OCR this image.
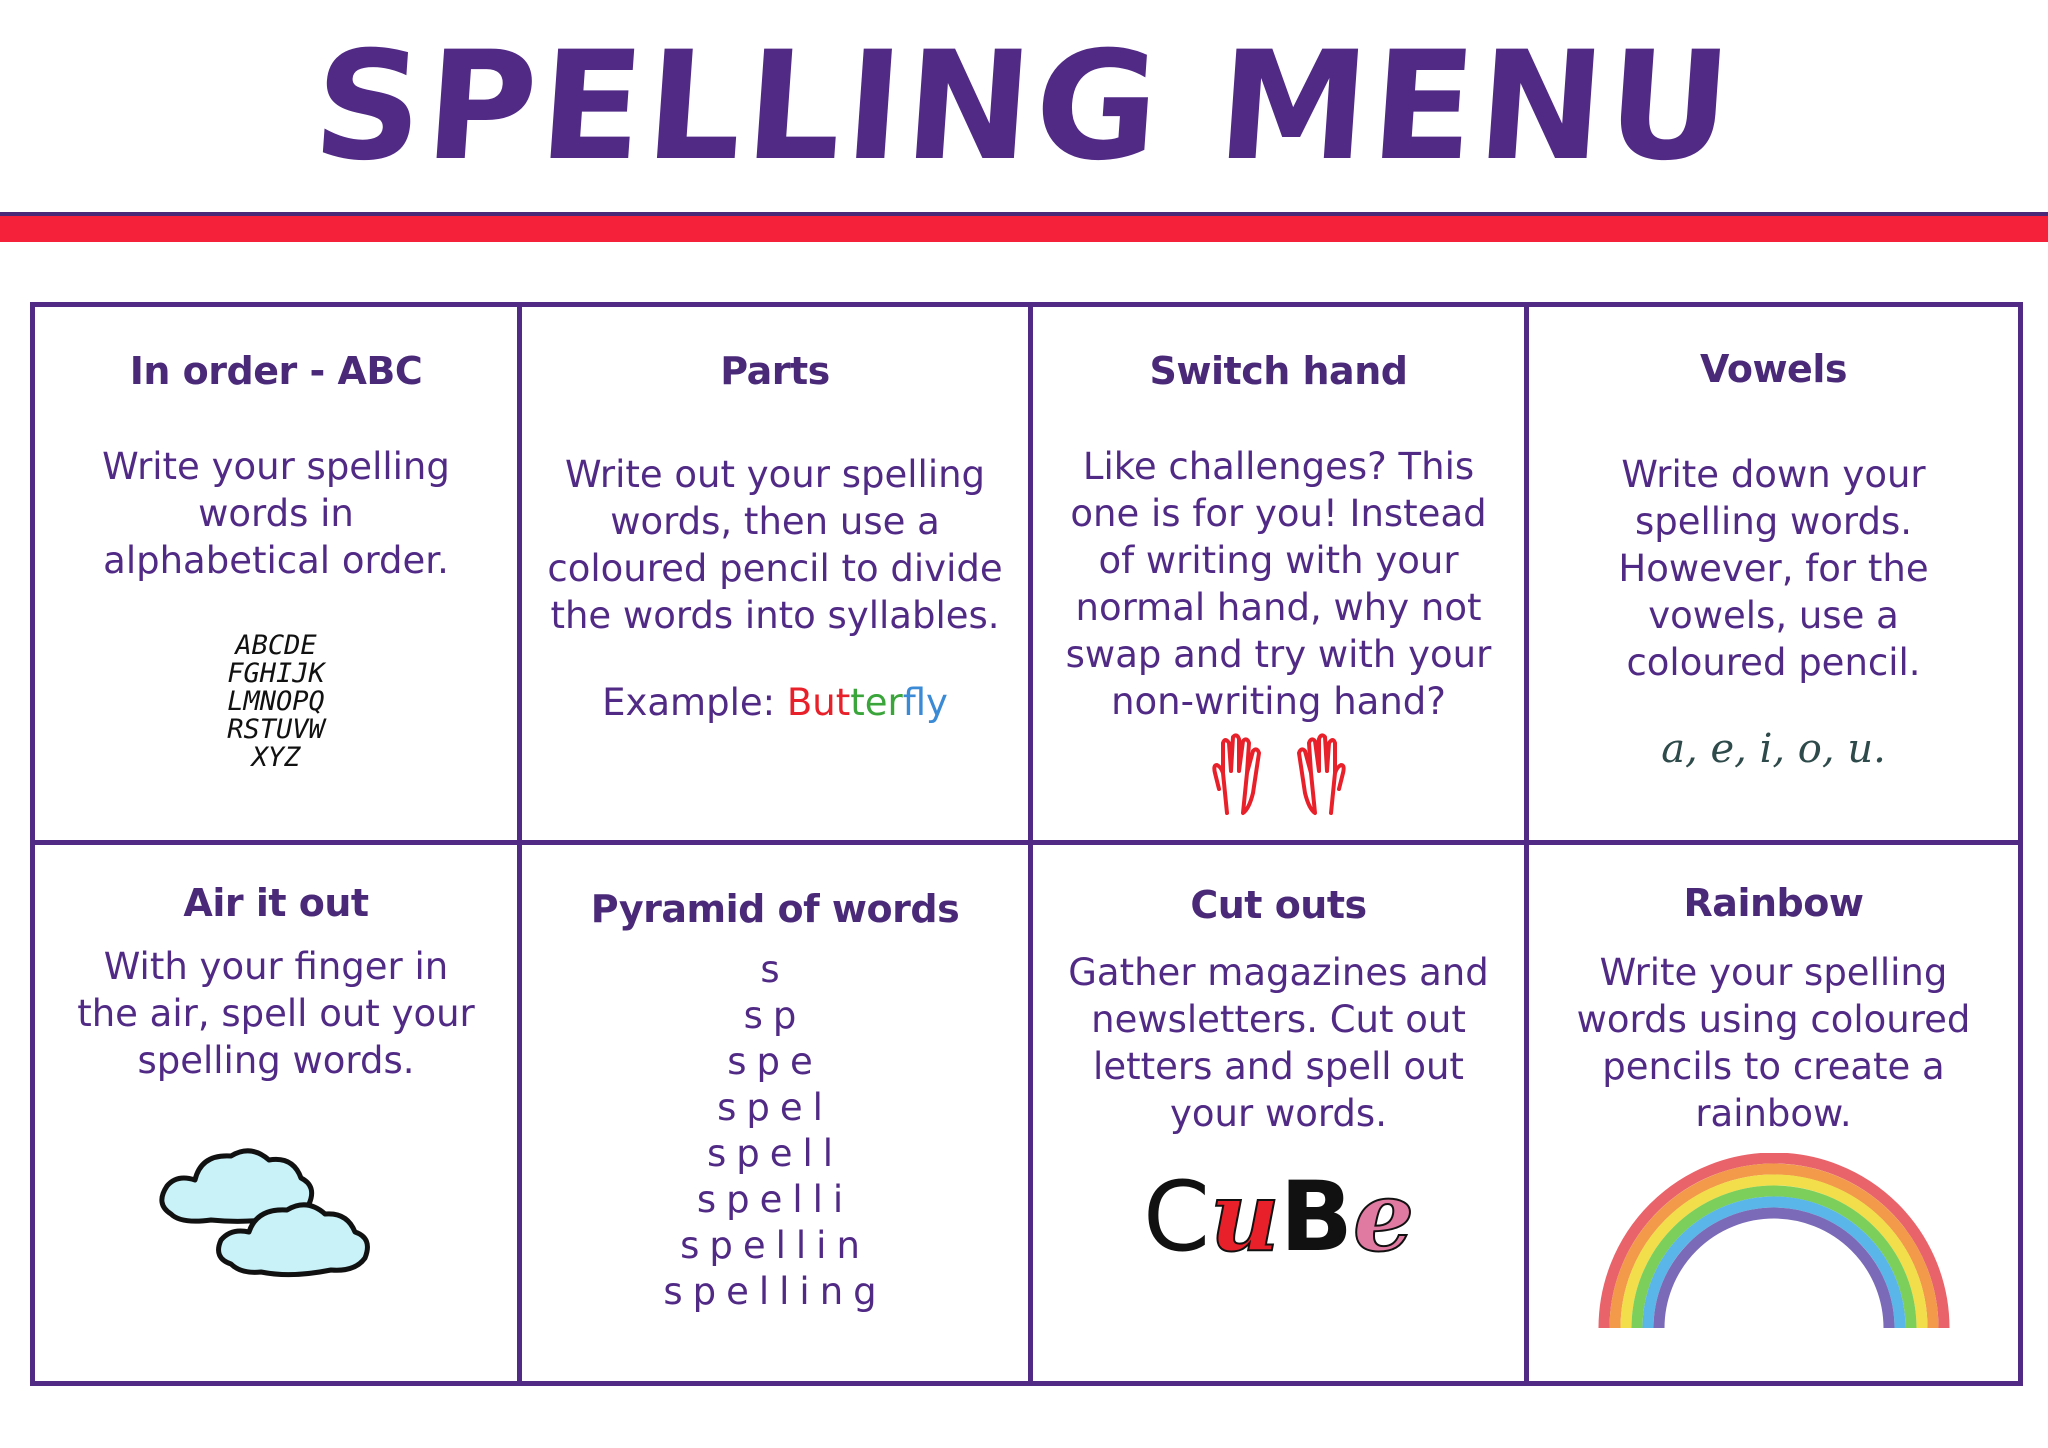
SPELLING MENU
In order - ABC

Write your spelling

words in

alphabetical order.

ABCDE
FGHIJK
LMNOPQ
RSTUVW
XYZ
Parts

Write out your spelling

words, then use a

coloured pencil to divide

the words into syllables.

Example: Butterfly
Switch hand

Like challenges? This

one is for you! Instead

of writing with your

normal hand, why not

swap and try with your

non-writing hand?

Vowels

Write down your

spelling words.

However, for the

vowels, use a

coloured pencil.

a, e, i, o, u.
Air it out

With your finger in

the air, spell out your

spelling words.

Pyramid of words
s
sp
spe
spel
spell
spelli
spellin
spelling
Cut outs

Gather magazines and

newsletters. Cut out

letters and spell out

your words.

CuBe
Rainbow

Write your spelling

words using coloured

pencils to create a

rainbow.
